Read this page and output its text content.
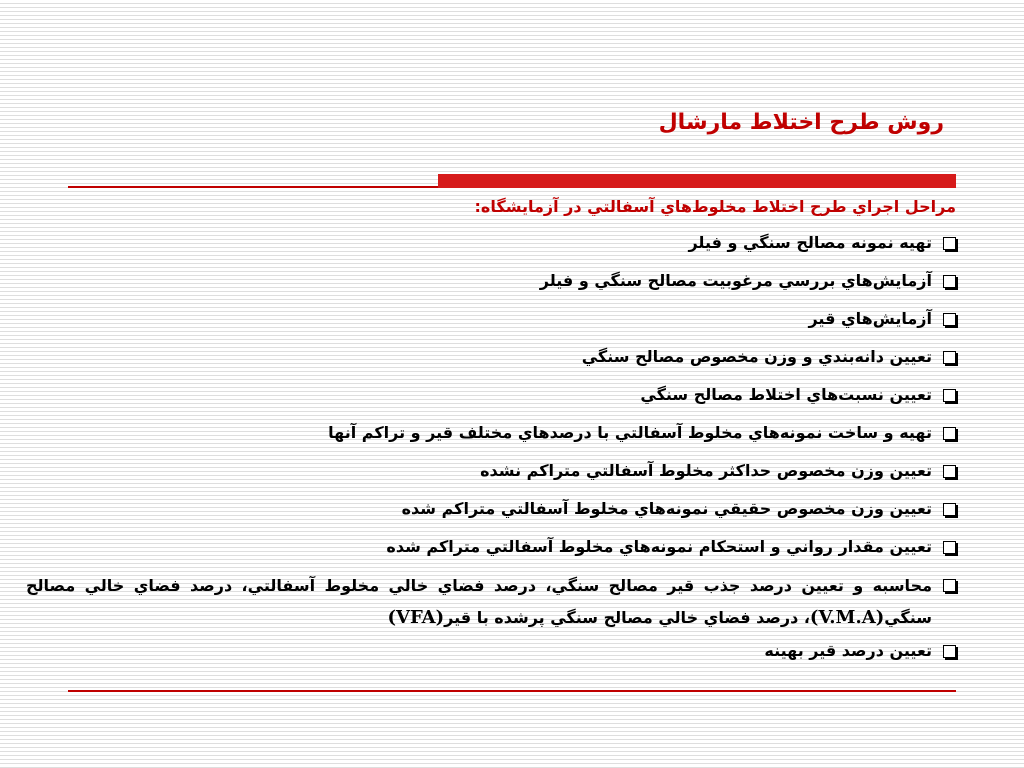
روش طرح اختلاط مارشال
مراحل اجراي طرح اختلاط مخلوط‌هاي آسفالتي در آزمايشگاه:
تهيه نمونه مصالح سنگي و فيلر
آزمايش‌هاي بررسي مرغوبيت مصالح سنگي و فيلر
آزمايش‌هاي قير
تعيين دانه‌بندي و وزن مخصوص مصالح سنگي
تعيين نسبت‌هاي اختلاط مصالح سنگي
تهيه و ساخت نمونه‌هاي مخلوط آسفالتي با درصدهاي مختلف قير و تراكم آنها
تعيين وزن مخصوص حداكثر مخلوط آسفالتي متراكم نشده
تعيين وزن مخصوص حقيقي نمونه‌هاي مخلوط آسفالتي متراكم شده
تعيين مقدار رواني و استحكام نمونه‌هاي مخلوط آسفالتي متراكم شده
محاسبه و تعيين درصد جذب قير مصالح سنگي، درصد فضاي خالي مخلوط آسفالتي، درصد فضاي خالي مصالح سنگي(V.M.A)، درصد فضاي خالي مصالح سنگي پرشده با قير(VFA)
تعيين درصد قير بهينه
